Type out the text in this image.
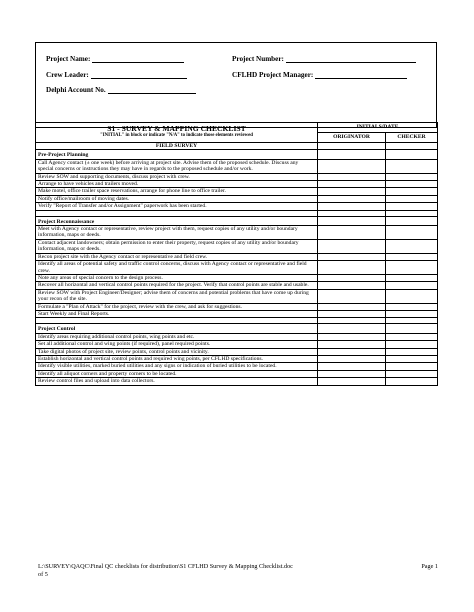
Project Name:	Project Number:
Crew Leader:	CFLHD Project Manager:
Delphi Account No.
S1 - SURVEY & MAPPING CHECKLIST
"INITIAL" in block or indicate "N/A" to indicate those elements reviewed	INITIALS/DATE	
	ORIGINATOR	CHECKER
FIELD SURVEY		
Pre-Project Planning		
Call Agency contact (± one week) before arriving at project site. Advise them of the proposed schedule. Discuss any special concerns or instructions they may have in regards to the proposed schedule and/or work.		
Review SOW and supporting documents, discuss project with crew.		
Arrange to have vehicles and trailers moved.		
Make motel, office trailer space reservations, arrange for phone line to office trailer.		
Notify office/mailroom of moving dates.		
Verify "Report of Transfer and/or Assignment" paperwork has been started.		

Project Reconnaissance		
Meet with Agency contact or representative, review project with them, request copies of any utility and/or boundary information, maps or deeds.		
Contact adjacent landowners; obtain permission to enter their property, request copies of any utility and/or boundary information, maps or deeds.		
Recon project site with the Agency contact or representative and field crew.		
Identify all areas of potential safety and traffic control concerns, discuss with Agency contact or representative and field crew.		
Note any areas of special concern to the design process.		
Recover all horizontal and vertical control points required for the project. Verify that control points are stable and usable.		
Review SOW with Project Engineer/Designer; advise them of concerns and potential problems that have come up during your recon of the site.		
Formulate a "Plan of Attack" for the project, review with the crew, and ask for suggestions.		
Start Weekly and Final Reports.		

Project Control		
Identify areas requiring additional control points, wing points and etc.		
Set all additional control and wing points (if required), panel required points.		
Take digital photos of project site, review points, control points and vicinity.		
Establish horizontal and vertical control points and required wing points, per CFLHD specifications.		
Identify visible utilities, marked buried utilities and any signs or indication of buried utilities to be located.		
Identify all aliquot corners and property corners to be located.		
Review control files and upload into data collectors.		
L:\SURVEY\QAQC\Final QC checklists for distribution\S1 CFLHD Survey & Mapping Checklist.doc
of 5
Page 1
